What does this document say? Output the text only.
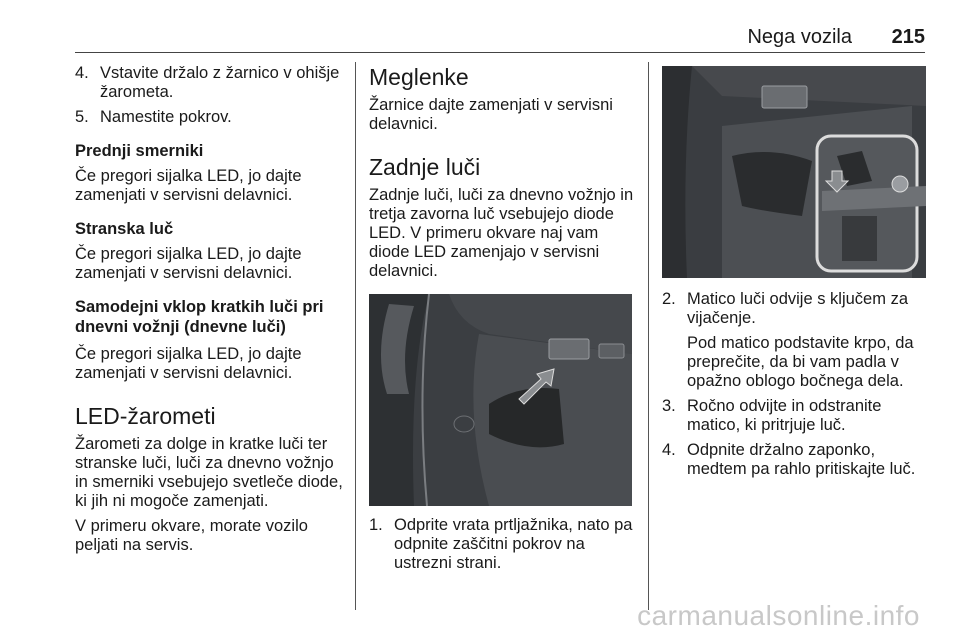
Nega vozila 215
4. Vstavite držalo z žarnico v ohišje žarometa.
5. Namestite pokrov.

Prednji smerniki

Če pregori sijalka LED, jo dajte zamenjati v servisni delavnici.

Stranska luč

Če pregori sijalka LED, jo dajte zamenjati v servisni delavnici.

Samodejni vklop kratkih luči pri dnevni vožnji (dnevne luči)

Če pregori sijalka LED, jo dajte zamenjati v servisni delavnici.

LED-žarometi

Žarometi za dolge in kratke luči ter stranske luči, luči za dnevno vožnjo in smerniki vsebujejo svetleče diode, ki jih ni mogoče zamenjati.

V primeru okvare, morate vozilo peljati na servis.

Meglenke

Žarnice dajte zamenjati v servisni delavnici.

Zadnje luči

Zadnje luči, luči za dnevno vožnjo in tretja zavorna luč vsebujejo diode LED. V primeru okvare naj vam diode LED zamenjajo v servisni delavnici.

1. Odprite vrata prtljažnika, nato pa odpnite zaščitni pokrov na ustrezni strani.
2. Matico luči odvije s ključem za vijačenje.

Pod matico podstavite krpo, da preprečite, da bi vam padla v opažno oblogo bočnega dela.

3. Ročno odvijte in odstranite matico, ki pritrjuje luč.
4. Odpnite držalno zaponko, medtem pa rahlo pritiskajte luč.
carmanualsonline.info
